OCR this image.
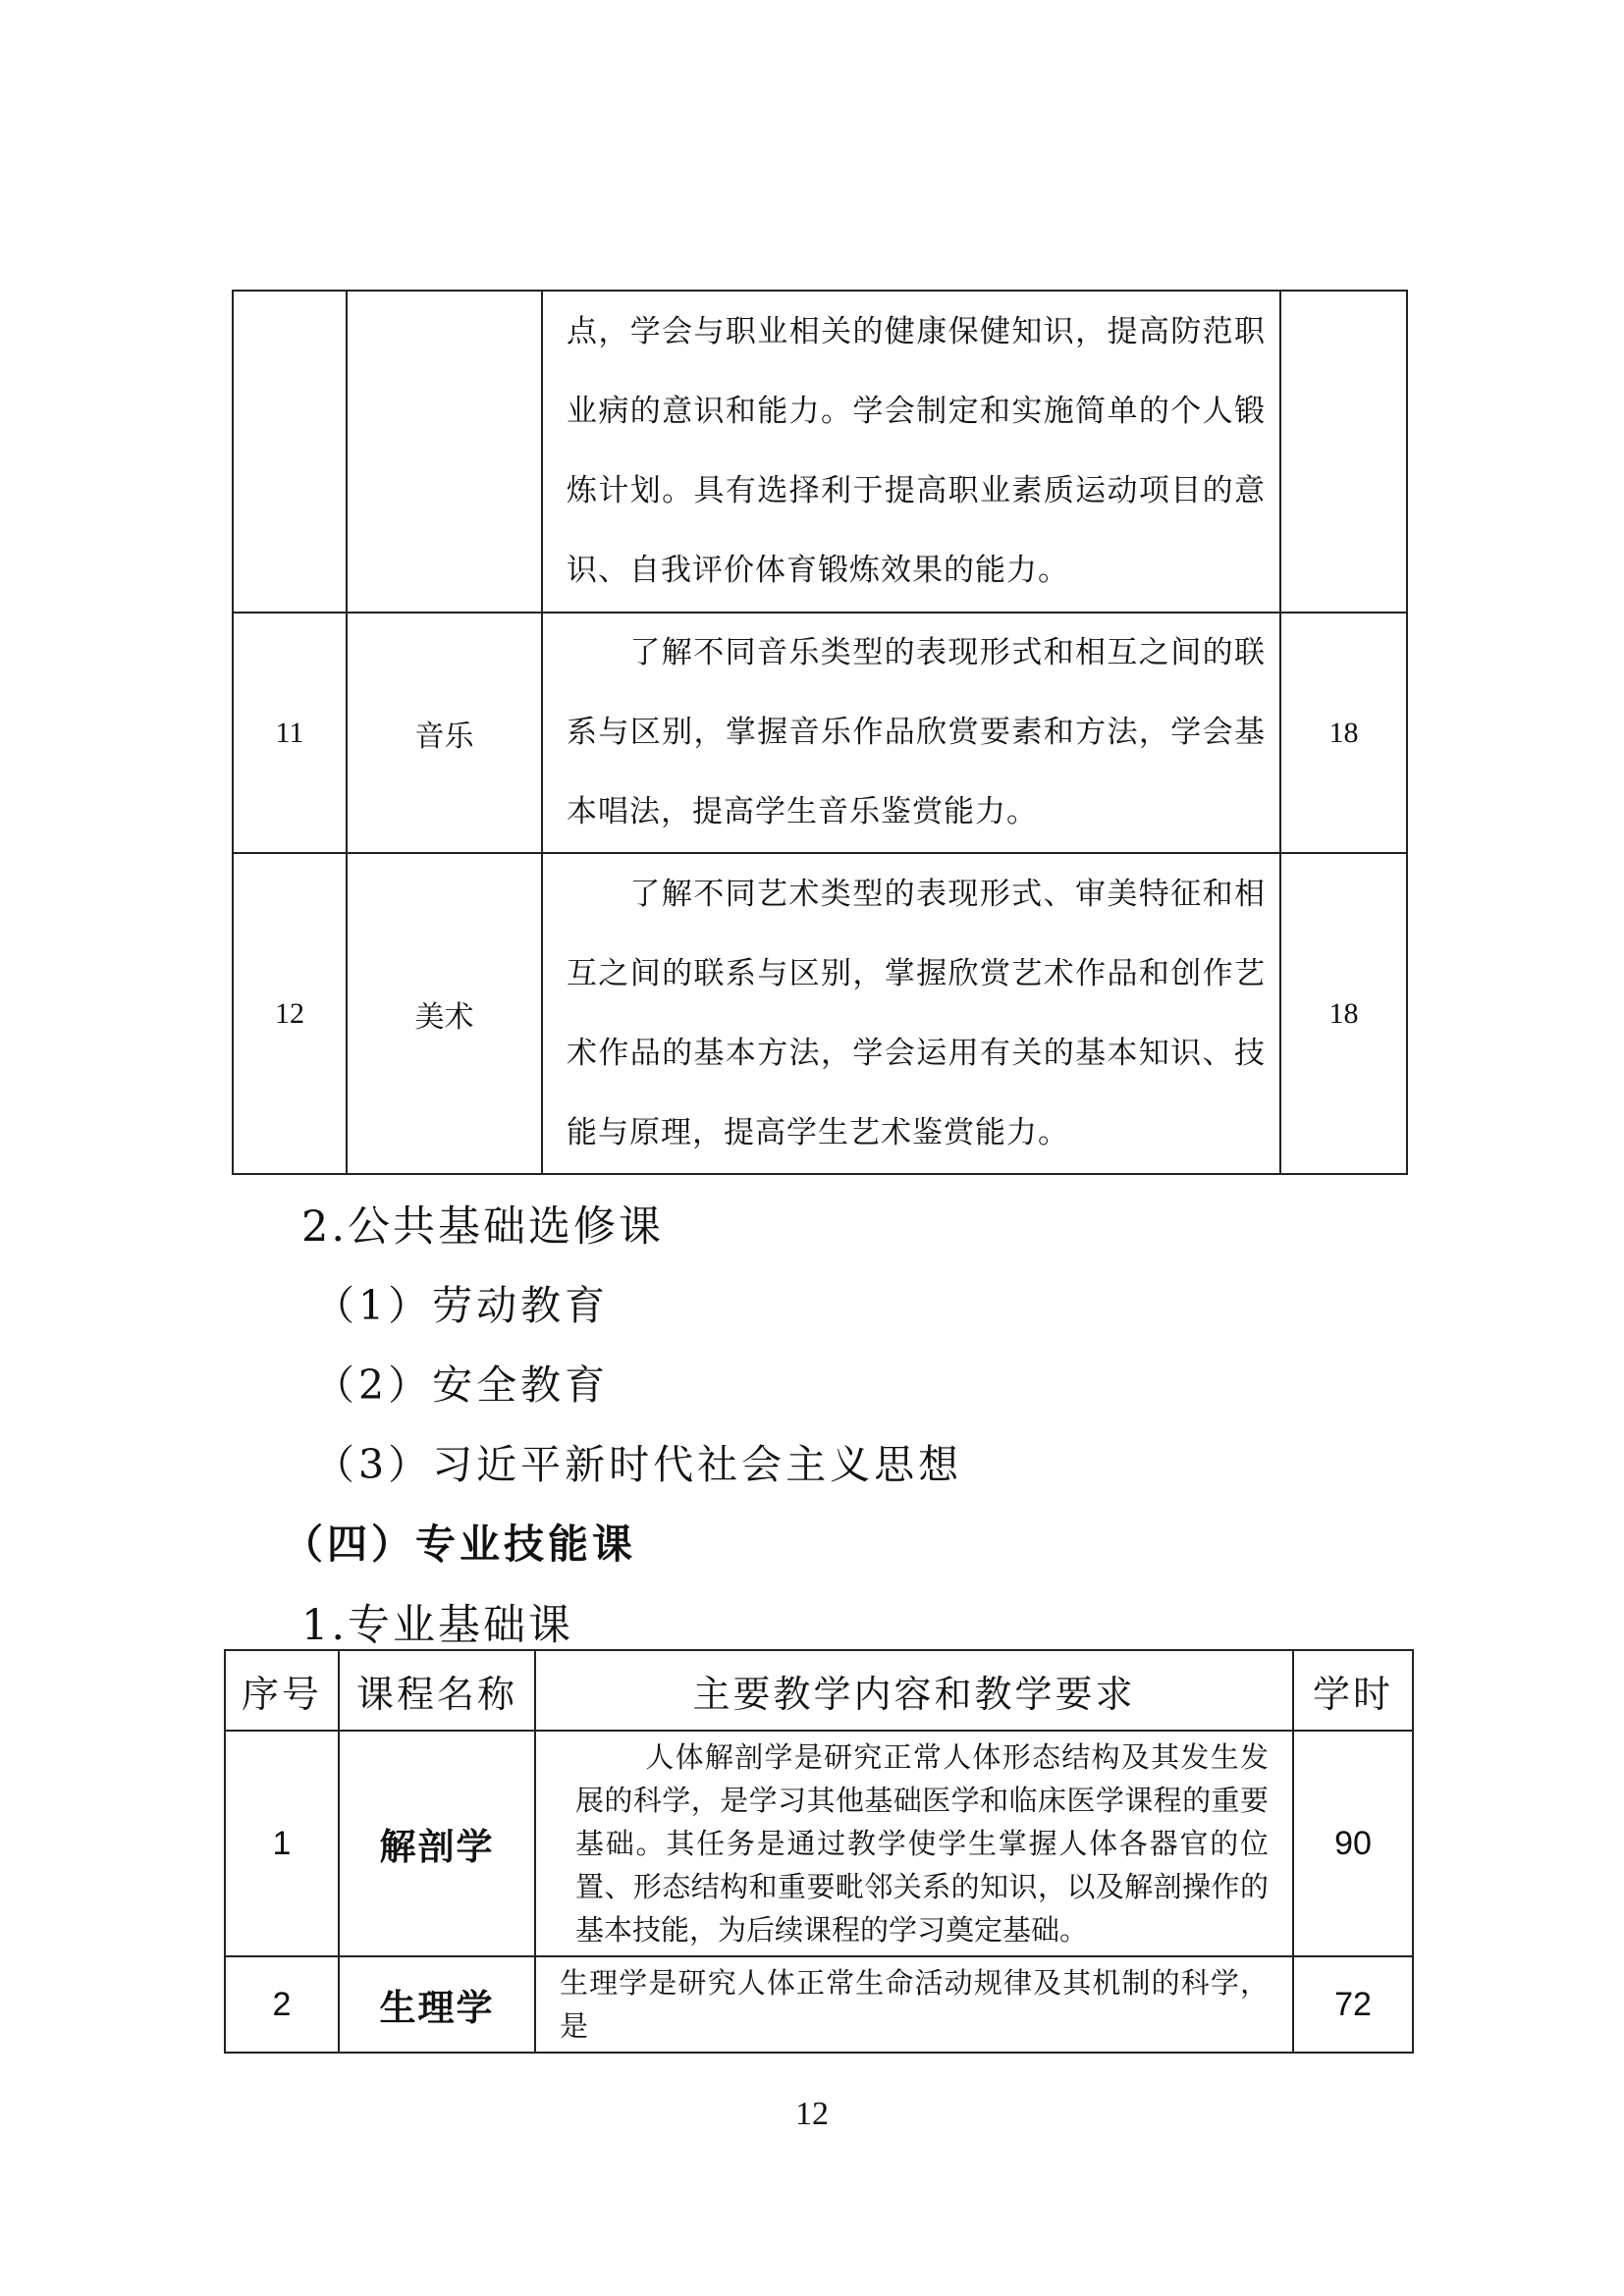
		点，学会与职业相关的健康保健知识，提高防范职业病的意识和能力。学会制定和实施简单的个人锻炼计划。具有选择利于提高职业素质运动项目的意识、自我评价体育锻炼效果的能力。	
11	音乐	了解不同音乐类型的表现形式和相互之间的联系与区别，掌握音乐作品欣赏要素和方法，学会基本唱法，提高学生音乐鉴赏能力。	18
12	美术	了解不同艺术类型的表现形式、审美特征和相互之间的联系与区别，掌握欣赏艺术作品和创作艺术作品的基本方法，学会运用有关的基本知识、技能与原理，提高学生艺术鉴赏能力。	18
2.公共基础选修课
（1）劳动教育
（2）安全教育
（3）习近平新时代社会主义思想
（四）专业技能课
1.专业基础课
序号	课程名称	主要教学内容和教学要求	学时
1	解剖学	人体解剖学是研究正常人体形态结构及其发生发展的科学，是学习其他基础医学和临床医学课程的重要基础。其任务是通过教学使学生掌握人体各器官的位置、形态结构和重要毗邻关系的知识，以及解剖操作的基本技能，为后续课程的学习奠定基础。	90
2	生理学	生理学是研究人体正常生命活动规律及其机制的科学，是	72
12
